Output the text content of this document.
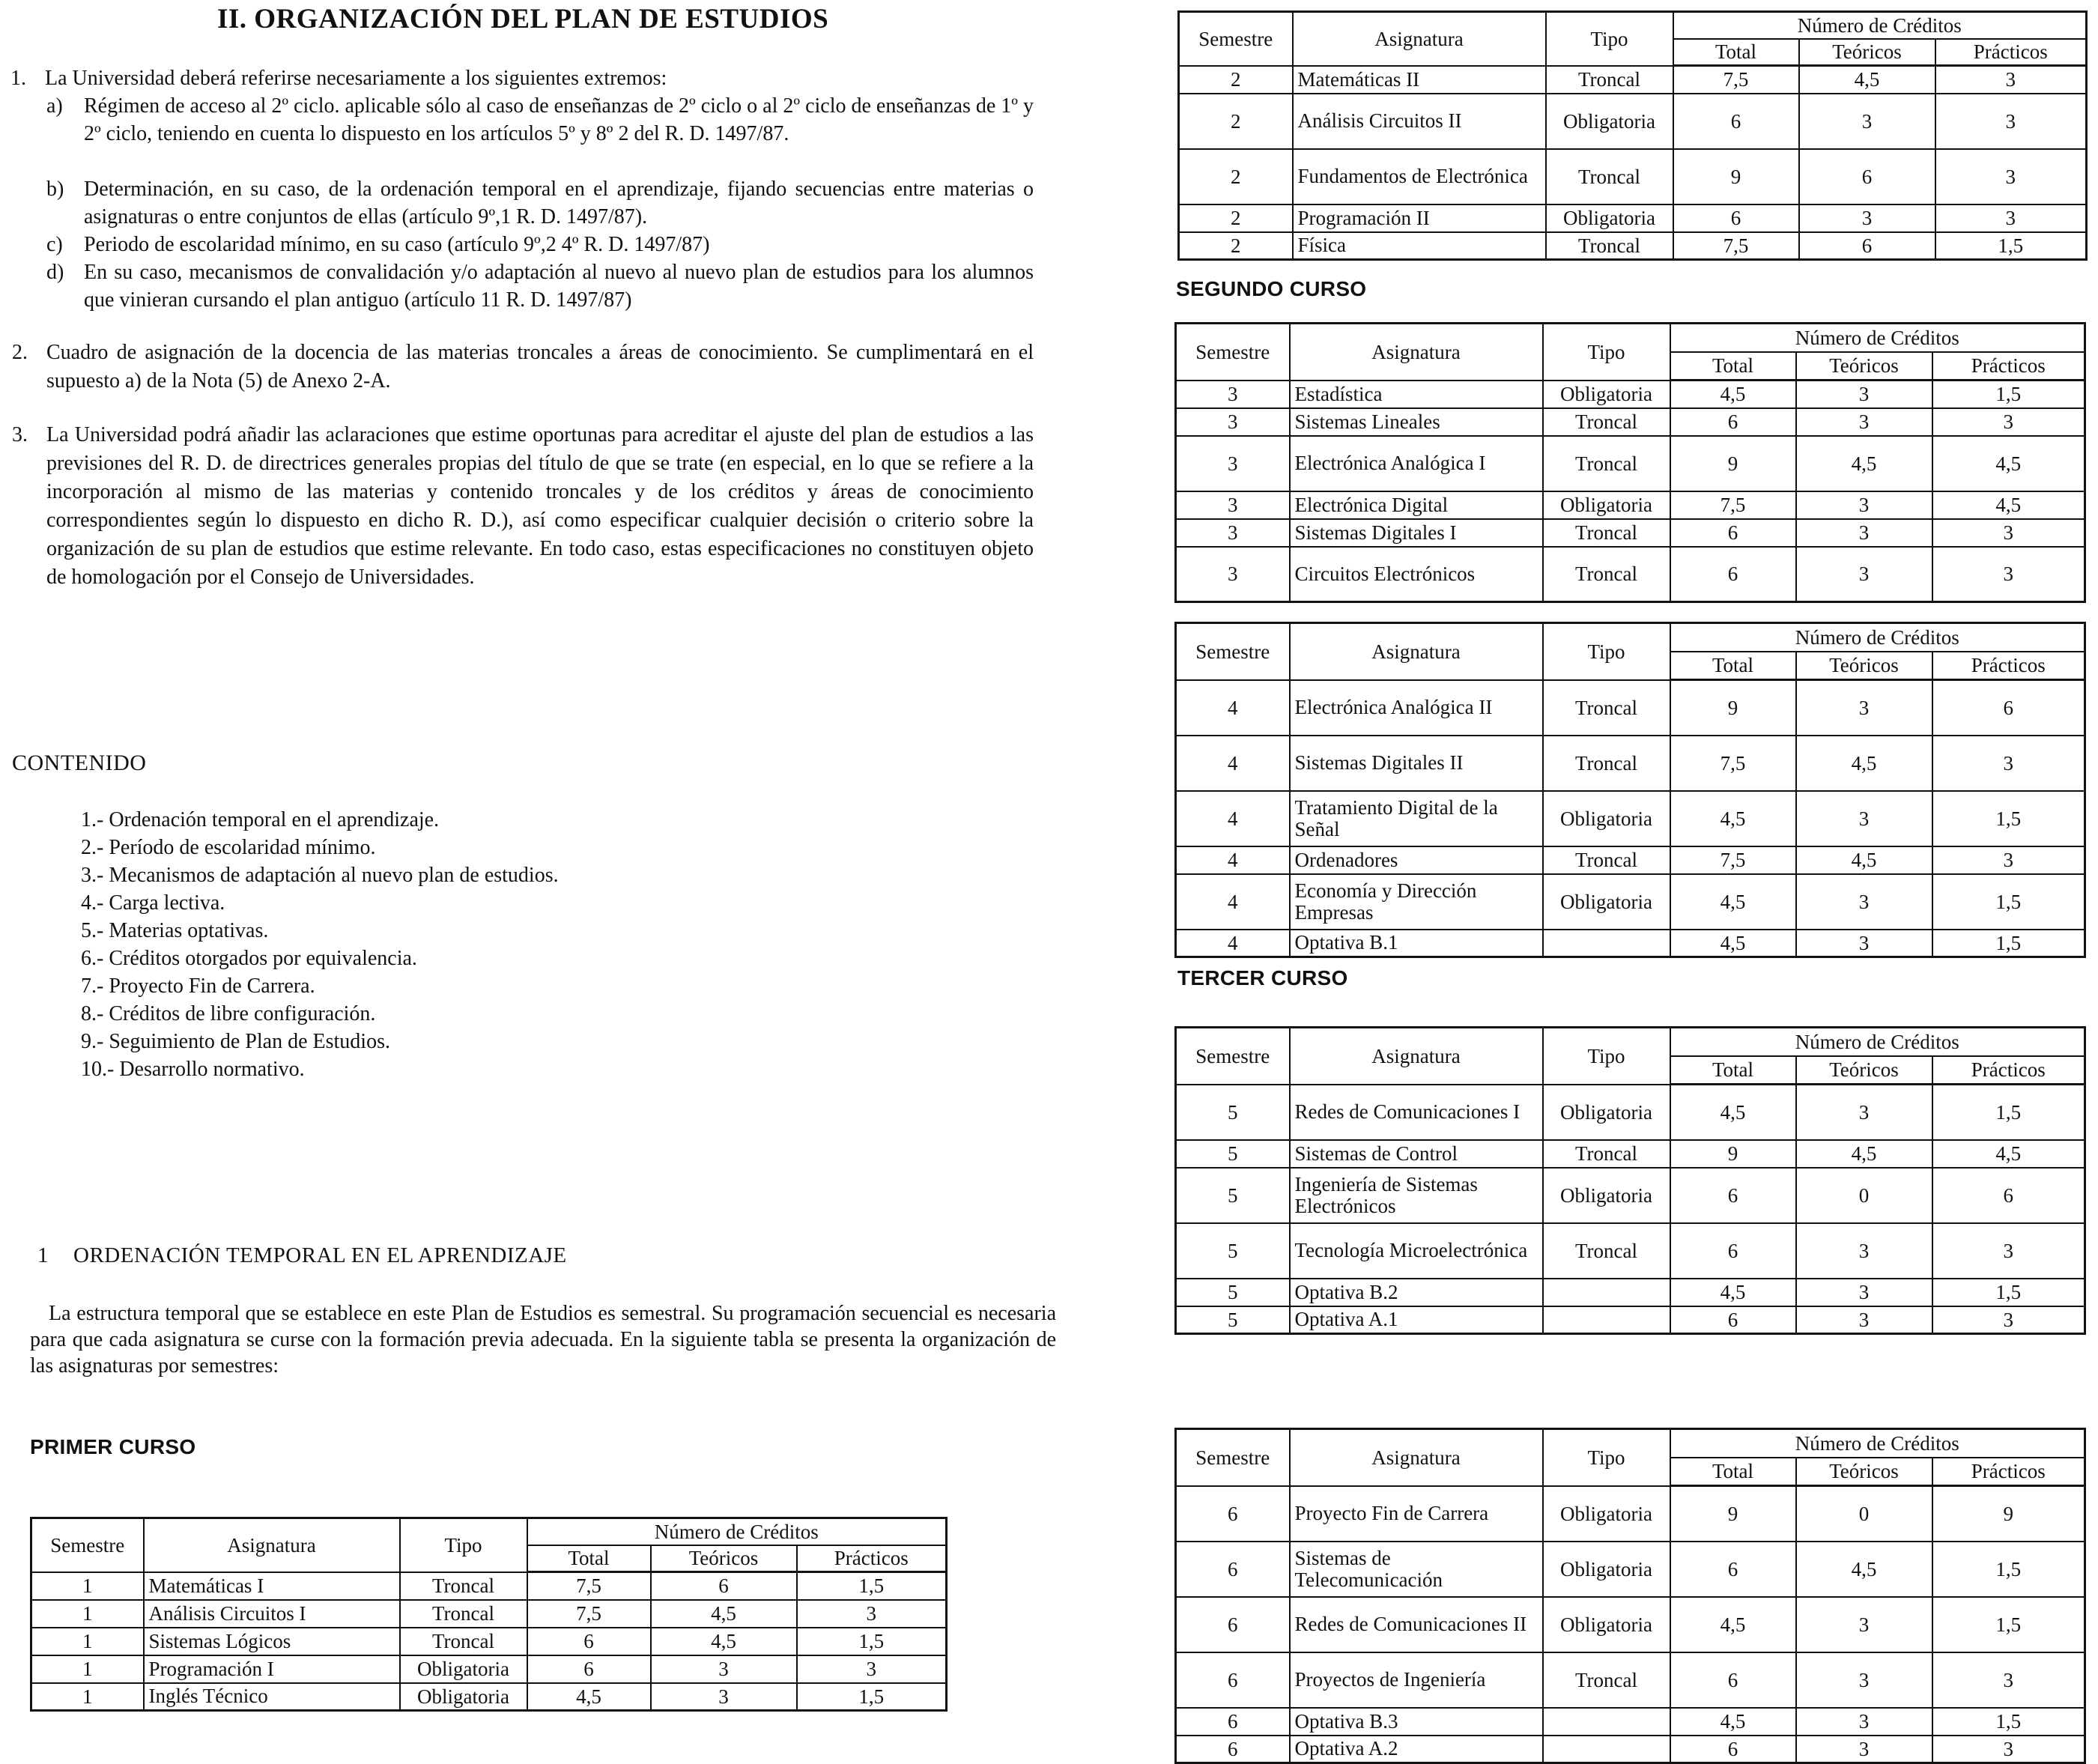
II. ORGANIZACIÓN DEL PLAN DE ESTUDIOS

1. La Universidad deberá referirse necesariamente a los siguientes extremos:

a) Régimen de acceso al 2º ciclo. aplicable sólo al caso de enseñanzas de 2º ciclo o al 2º ciclo de enseñanzas de 1º y 2º ciclo, teniendo en cuenta lo dispuesto en los artículos 5º y 8º 2 del R. D. 1497/87.

b) Determinación, en su caso, de la ordenación temporal en el aprendizaje, fijando secuencias entre materias o asignaturas o entre conjuntos de ellas (artículo 9º,1 R. D. 1497/87).

c) Periodo de escolaridad mínimo, en su caso (artículo 9º,2 4º R. D. 1497/87)

d) En su caso, mecanismos de convalidación y/o adaptación al nuevo al nuevo plan de estudios para los alumnos que vinieran cursando el plan antiguo (artículo 11 R. D. 1497/87)

2. Cuadro de asignación de la docencia de las materias troncales a áreas de conocimiento. Se cumplimentará en el supuesto a) de la Nota (5) de Anexo 2-A.

3. La Universidad podrá añadir las aclaraciones que estime oportunas para acreditar el ajuste del plan de estudios a las previsiones del R. D. de directrices generales propias del título de que se trate (en especial, en lo que se refiere a la incorporación al mismo de las materias y contenido troncales y de los créditos y áreas de conocimiento correspondientes según lo dispuesto en dicho R. D.), así como especificar cualquier decisión o criterio sobre la organización de su plan de estudios que estime relevante. En todo caso, estas especificaciones no constituyen objeto de homologación por el Consejo de Universidades.

CONTENIDO
1.- Ordenación temporal en el aprendizaje.
2.- Período de escolaridad mínimo.
3.- Mecanismos de adaptación al nuevo plan de estudios.
4.- Carga lectiva.
5.- Materias optativas.
6.- Créditos otorgados por equivalencia.
7.- Proyecto Fin de Carrera.
8.- Créditos de libre configuración.
9.- Seguimiento de Plan de Estudios.
10.- Desarrollo normativo.
1 ORDENACIÓN TEMPORAL EN EL APRENDIZAJE

La estructura temporal que se establece en este Plan de Estudios es semestral. Su programación secuencial es necesaria para que cada asignatura se curse con la formación previa adecuada. En la siguiente tabla se presenta la organización de las asignaturas por semestres:

PRIMER CURSO
Semestre	Asignatura	Tipo	Número de Créditos		
			Total	Teóricos	Prácticos
1	Matemáticas I	Troncal	7,5	6	1,5
1	Análisis Circuitos I	Troncal	7,5	4,5	3
1	Sistemas Lógicos	Troncal	6	4,5	1,5
1	Programación I	Obligatoria	6	3	3
1	Inglés Técnico	Obligatoria	4,5	3	1,5
Semestre	Asignatura	Tipo	Número de Créditos		
			Total	Teóricos	Prácticos
2	Matemáticas II	Troncal	7,5	4,5	3
2	Análisis Circuitos II	Obligatoria	6	3	3
2	Fundamentos de Electrónica	Troncal	9	6	3
2	Programación II	Obligatoria	6	3	3
2	Física	Troncal	7,5	6	1,5
SEGUNDO CURSO
Semestre	Asignatura	Tipo	Número de Créditos		
			Total	Teóricos	Prácticos
3	Estadística	Obligatoria	4,5	3	1,5
3	Sistemas Lineales	Troncal	6	3	3
3	Electrónica Analógica I	Troncal	9	4,5	4,5
3	Electrónica Digital	Obligatoria	7,5	3	4,5
3	Sistemas Digitales I	Troncal	6	3	3
3	Circuitos Electrónicos	Troncal	6	3	3
Semestre	Asignatura	Tipo	Número de Créditos		
			Total	Teóricos	Prácticos
4	Electrónica Analógica II	Troncal	9	3	6
4	Sistemas Digitales II	Troncal	7,5	4,5	3
4	Tratamiento Digital de la Señal	Obligatoria	4,5	3	1,5
4	Ordenadores	Troncal	7,5	4,5	3
4	Economía y Dirección Empresas	Obligatoria	4,5	3	1,5
4	Optativa B.1		4,5	3	1,5
TERCER CURSO
Semestre	Asignatura	Tipo	Número de Créditos		
			Total	Teóricos	Prácticos
5	Redes de Comunicaciones I	Obligatoria	4,5	3	1,5
5	Sistemas de Control	Troncal	9	4,5	4,5
5	Ingeniería de Sistemas Electrónicos	Obligatoria	6	0	6
5	Tecnología Microelectrónica	Troncal	6	3	3
5	Optativa B.2		4,5	3	1,5
5	Optativa A.1		6	3	3
Semestre	Asignatura	Tipo	Número de Créditos		
			Total	Teóricos	Prácticos
6	Proyecto Fin de Carrera	Obligatoria	9	0	9
6	Sistemas de Telecomunicación	Obligatoria	6	4,5	1,5
6	Redes de Comunicaciones II	Obligatoria	4,5	3	1,5
6	Proyectos de Ingeniería	Troncal	6	3	3
6	Optativa B.3		4,5	3	1,5
6	Optativa A.2		6	3	3
